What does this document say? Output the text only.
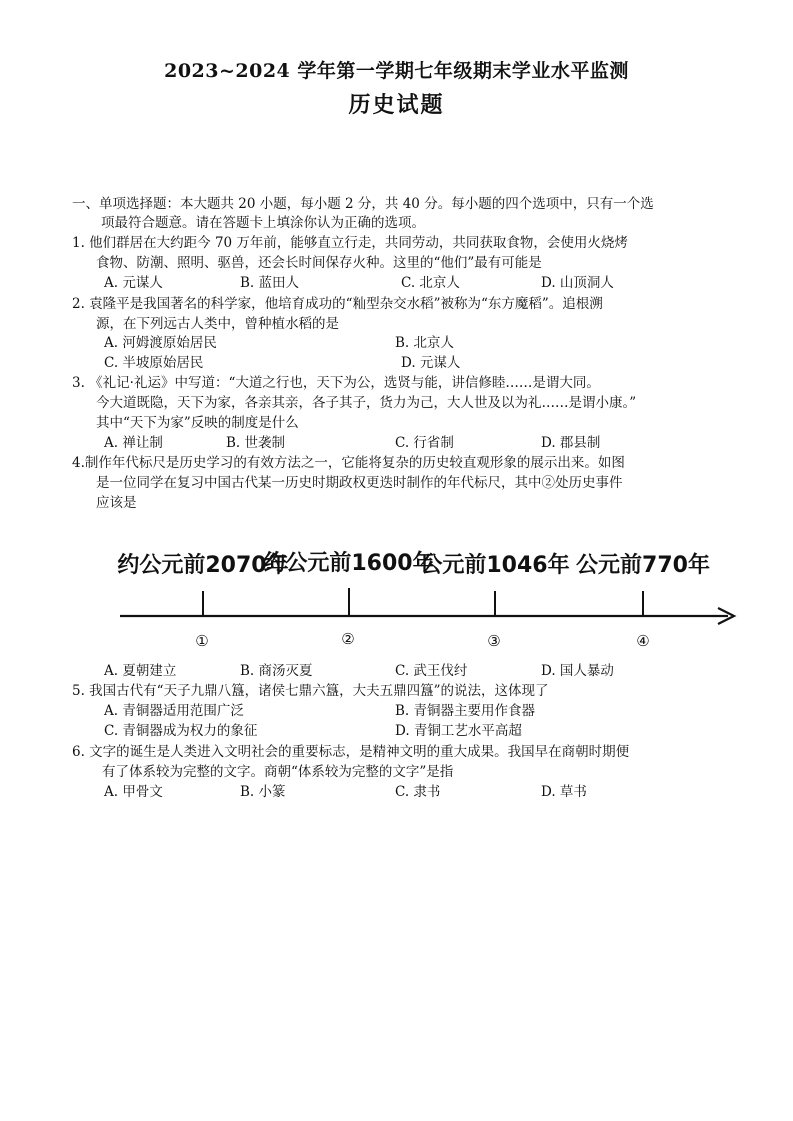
2023~2024 学年第一学期七年级期末学业水平监测
历史试题
一、单项选择题：本大题共 20 小题，每小题 2 分，共 40 分。每小题的四个选项中，只有一个选
项最符合题意。请在答题卡上填涂你认为正确的选项。
1. 他们群居在大约距今 70 万年前，能够直立行走，共同劳动，共同获取食物，会使用火烧烤
食物、防潮、照明、驱兽，还会长时间保存火种。这里的“他们”最有可能是
A. 元谋人	B. 蓝田人	C. 北京人	D. 山顶洞人
2. 袁隆平是我国著名的科学家，他培育成功的“籼型杂交水稻”被称为“东方魔稻”。追根溯
源，在下列远古人类中，曾种植水稻的是
A. 河姆渡原始居民	B. 北京人
C. 半坡原始居民	D. 元谋人
3. 《礼记·礼运》中写道：“大道之行也，天下为公，选贤与能，讲信修睦……是谓大同。
今大道既隐，天下为家，各亲其亲，各子其子，货力为己，大人世及以为礼……是谓小康。”
其中“天下为家”反映的制度是什么
A. 禅让制	B. 世袭制	C. 行省制	D. 郡县制
4.制作年代标尺是历史学习的有效方法之一，它能将复杂的历史较直观形象的展示出来。如图
是一位同学在复习中国古代某一历史时期政权更迭时制作的年代标尺，其中②处历史事件
应该是
约公元前2070年
约公元前1600年
公元前1046年 公元前770年
①	②	③	④
A. 夏朝建立	B. 商汤灭夏	C. 武王伐纣	D. 国人暴动
5. 我国古代有“天子九鼎八簋，诸侯七鼎六簋，大夫五鼎四簋”的说法，这体现了
A. 青铜器适用范围广泛	B. 青铜器主要用作食器
C. 青铜器成为权力的象征	D. 青铜工艺水平高超
6. 文字的诞生是人类进入文明社会的重要标志，是精神文明的重大成果。我国早在商朝时期便
有了体系较为完整的文字。商朝“体系较为完整的文字”是指
A. 甲骨文	B. 小篆	C. 隶书	D. 草书
